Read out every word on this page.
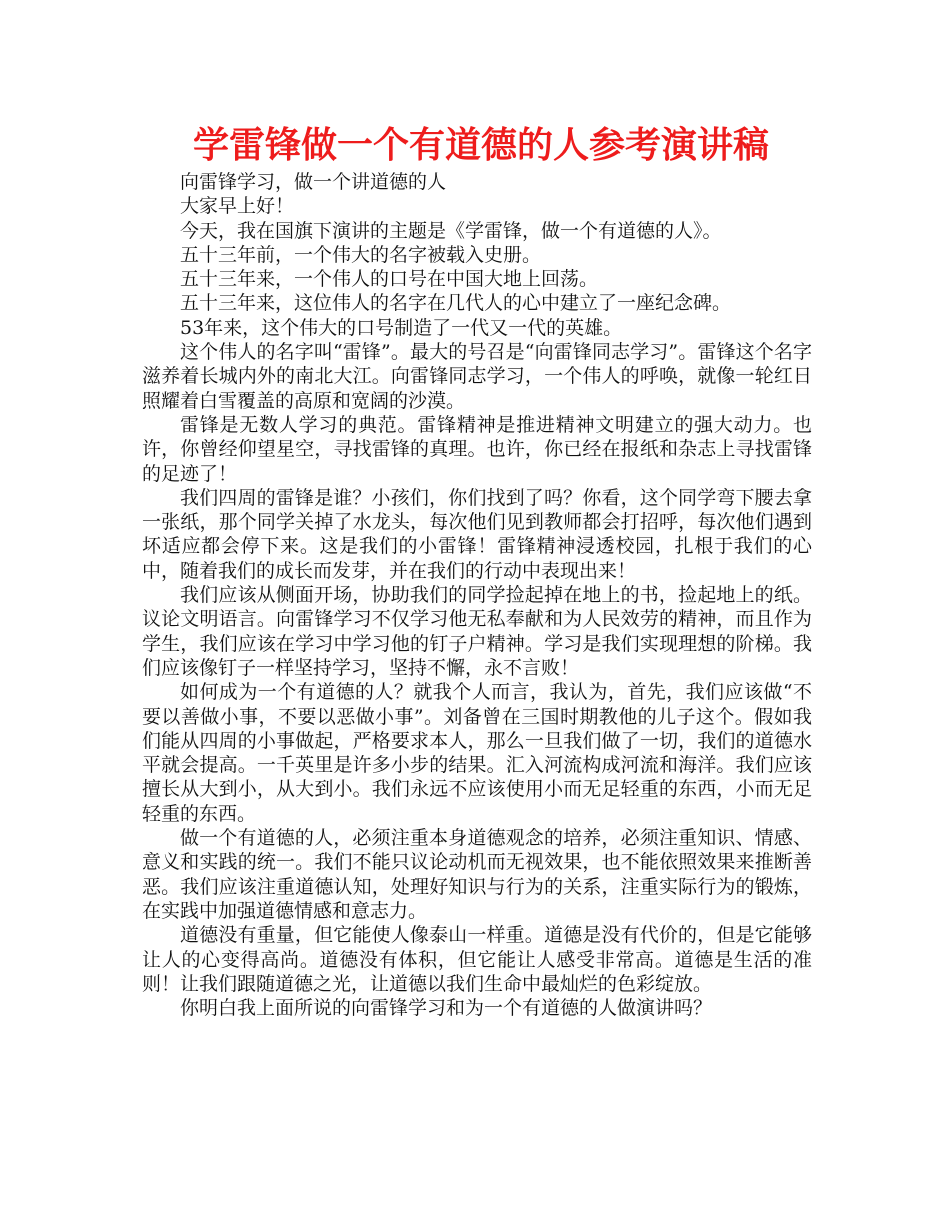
学雷锋做一个有道德的人参考演讲稿

向雷锋学习，做一个讲道德的人

大家早上好！

今天，我在国旗下演讲的主题是《学雷锋，做一个有道德的人》。

五十三年前，一个伟大的名字被载入史册。

五十三年来，一个伟人的口号在中国大地上回荡。

五十三年来，这位伟人的名字在几代人的心中建立了一座纪念碑。

53年来，这个伟大的口号制造了一代又一代的英雄。

这个伟人的名字叫“雷锋”。最大的号召是“向雷锋同志学习”。雷锋这个名字滋养着长城内外的南北大江。向雷锋同志学习，一个伟人的呼唤，就像一轮红日照耀着白雪覆盖的高原和宽阔的沙漠。

雷锋是无数人学习的典范。雷锋精神是推进精神文明建立的强大动力。也许，你曾经仰望星空，寻找雷锋的真理。也许，你已经在报纸和杂志上寻找雷锋的足迹了！

我们四周的雷锋是谁？小孩们，你们找到了吗？你看，这个同学弯下腰去拿一张纸，那个同学关掉了水龙头，每次他们见到教师都会打招呼，每次他们遇到坏适应都会停下来。这是我们的小雷锋！雷锋精神浸透校园，扎根于我们的心中，随着我们的成长而发芽，并在我们的行动中表现出来！

我们应该从侧面开场，协助我们的同学捡起掉在地上的书，捡起地上的纸。议论文明语言。向雷锋学习不仅学习他无私奉献和为人民效劳的精神，而且作为学生，我们应该在学习中学习他的钉子户精神。学习是我们实现理想的阶梯。我们应该像钉子一样坚持学习，坚持不懈，永不言败！

如何成为一个有道德的人？就我个人而言，我认为，首先，我们应该做“不要以善做小事，不要以恶做小事”。刘备曾在三国时期教他的儿子这个。假如我们能从四周的小事做起，严格要求本人，那么一旦我们做了一切，我们的道德水平就会提高。一千英里是许多小步的结果。汇入河流构成河流和海洋。我们应该擅长从大到小，从大到小。我们永远不应该使用小而无足轻重的东西，小而无足轻重的东西。

做一个有道德的人，必须注重本身道德观念的培养，必须注重知识、情感、意义和实践的统一。我们不能只议论动机而无视效果，也不能依照效果来推断善恶。我们应该注重道德认知，处理好知识与行为的关系，注重实际行为的锻炼，在实践中加强道德情感和意志力。

道德没有重量，但它能使人像泰山一样重。道德是没有代价的，但是它能够让人的心变得高尚。道德没有体积，但它能让人感受非常高。道德是生活的准则！让我们跟随道德之光，让道德以我们生命中最灿烂的色彩绽放。

你明白我上面所说的向雷锋学习和为一个有道德的人做演讲吗？
